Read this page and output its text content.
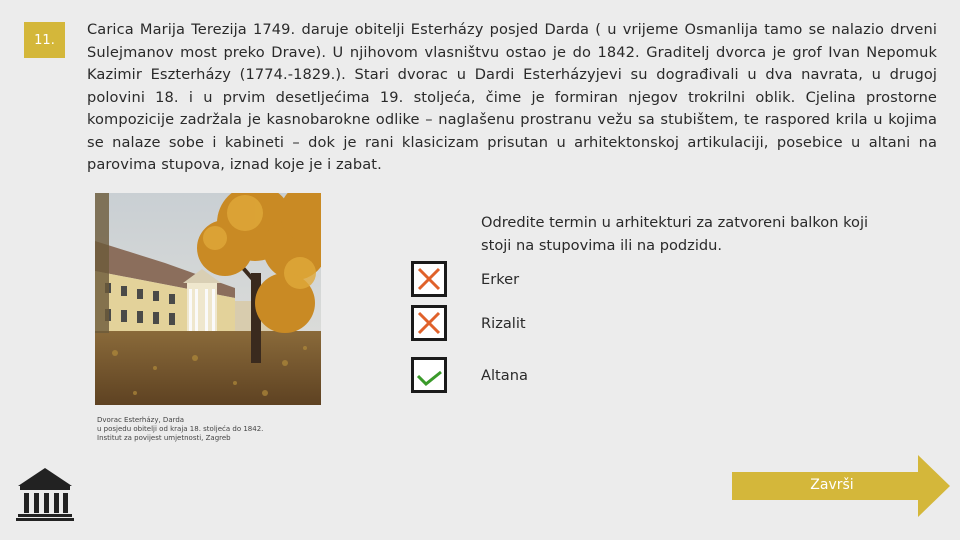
11.

Carica Marija Terezija 1749. daruje obitelji Esterházy posjed Darda ( u vrijeme Osmanlija tamo se nalazio drveni Sulejmanov most preko Drave). U njihovom vlasništvu ostao je do 1842. Graditelj dvorca je grof Ivan Nepomuk Kazimir Eszterházy (1774.-1829.). Stari dvorac u Dardi Esterházyjevi su dograđivali u dva navrata, u drugoj polovini 18. i u prvim desetljećima 19. stoljeća, čime je formiran njegov trokrilni oblik. Cjelina prostorne kompozicije zadržala je kasnobarokne odlike – naglašenu prostranu vežu sa stubištem, te raspored krila u kojima se nalaze sobe i kabineti – dok je rani klasicizam prisutan u arhitektonskoj artikulaciji, posebice u altani na parovima stupova, iznad koje je i zabat.

Dvorac Esterházy, Darda
u posjedu obitelji od kraja 18. stoljeća do 1842.
Institut za povijest umjetnosti, Zagreb

Odredite termin u arhitekturi za zatvoreni balkon koji stoji na stupovima ili na podzidu.

Erker
Rizalit
Altana
Završi
